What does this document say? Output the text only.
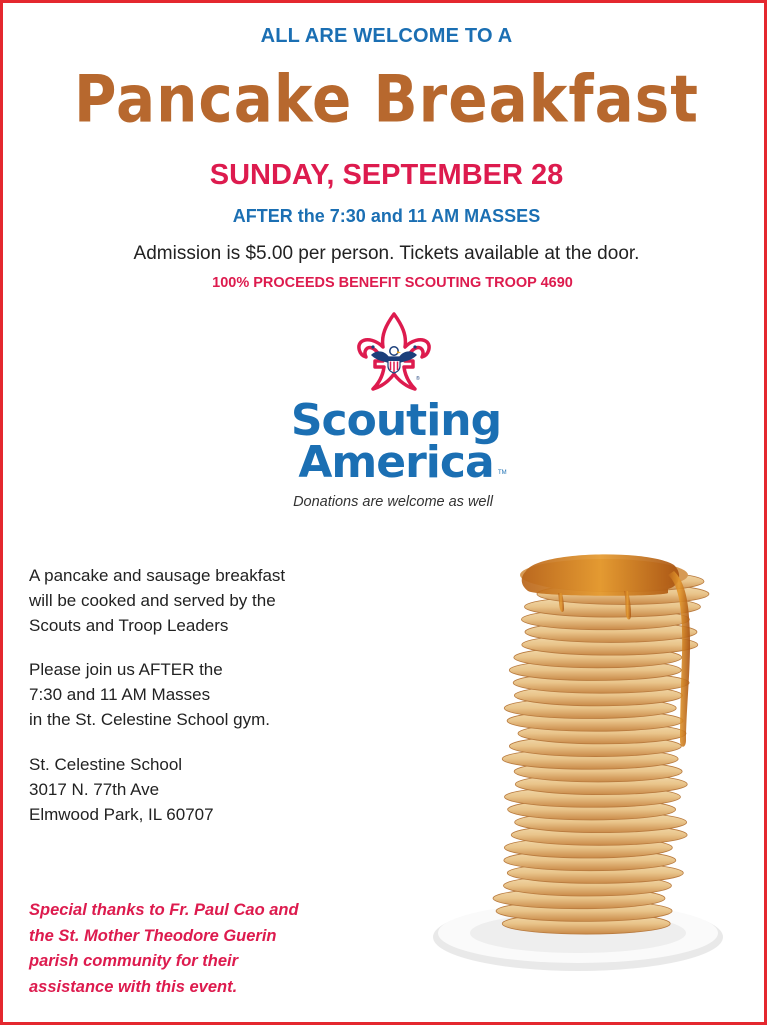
ALL ARE WELCOME TO A
Pancake Breakfast
SUNDAY, SEPTEMBER 28
AFTER the 7:30 and 11 AM MASSES
Admission is $5.00 per person. Tickets available at the door.
100% PROCEEDS BENEFIT SCOUTING TROOP 4690
®
Scouting
America TM
Donations are welcome as well
A pancake and sausage breakfast
will be cooked and served by the
Scouts and Troop Leaders
Please join us AFTER the
7:30 and 11 AM Masses
in the St. Celestine School gym.
St. Celestine School
3017 N. 77th Ave
Elmwood Park, IL 60707
Special thanks to Fr. Paul Cao and
the St. Mother Theodore Guerin
parish community for their
assistance with this event.
